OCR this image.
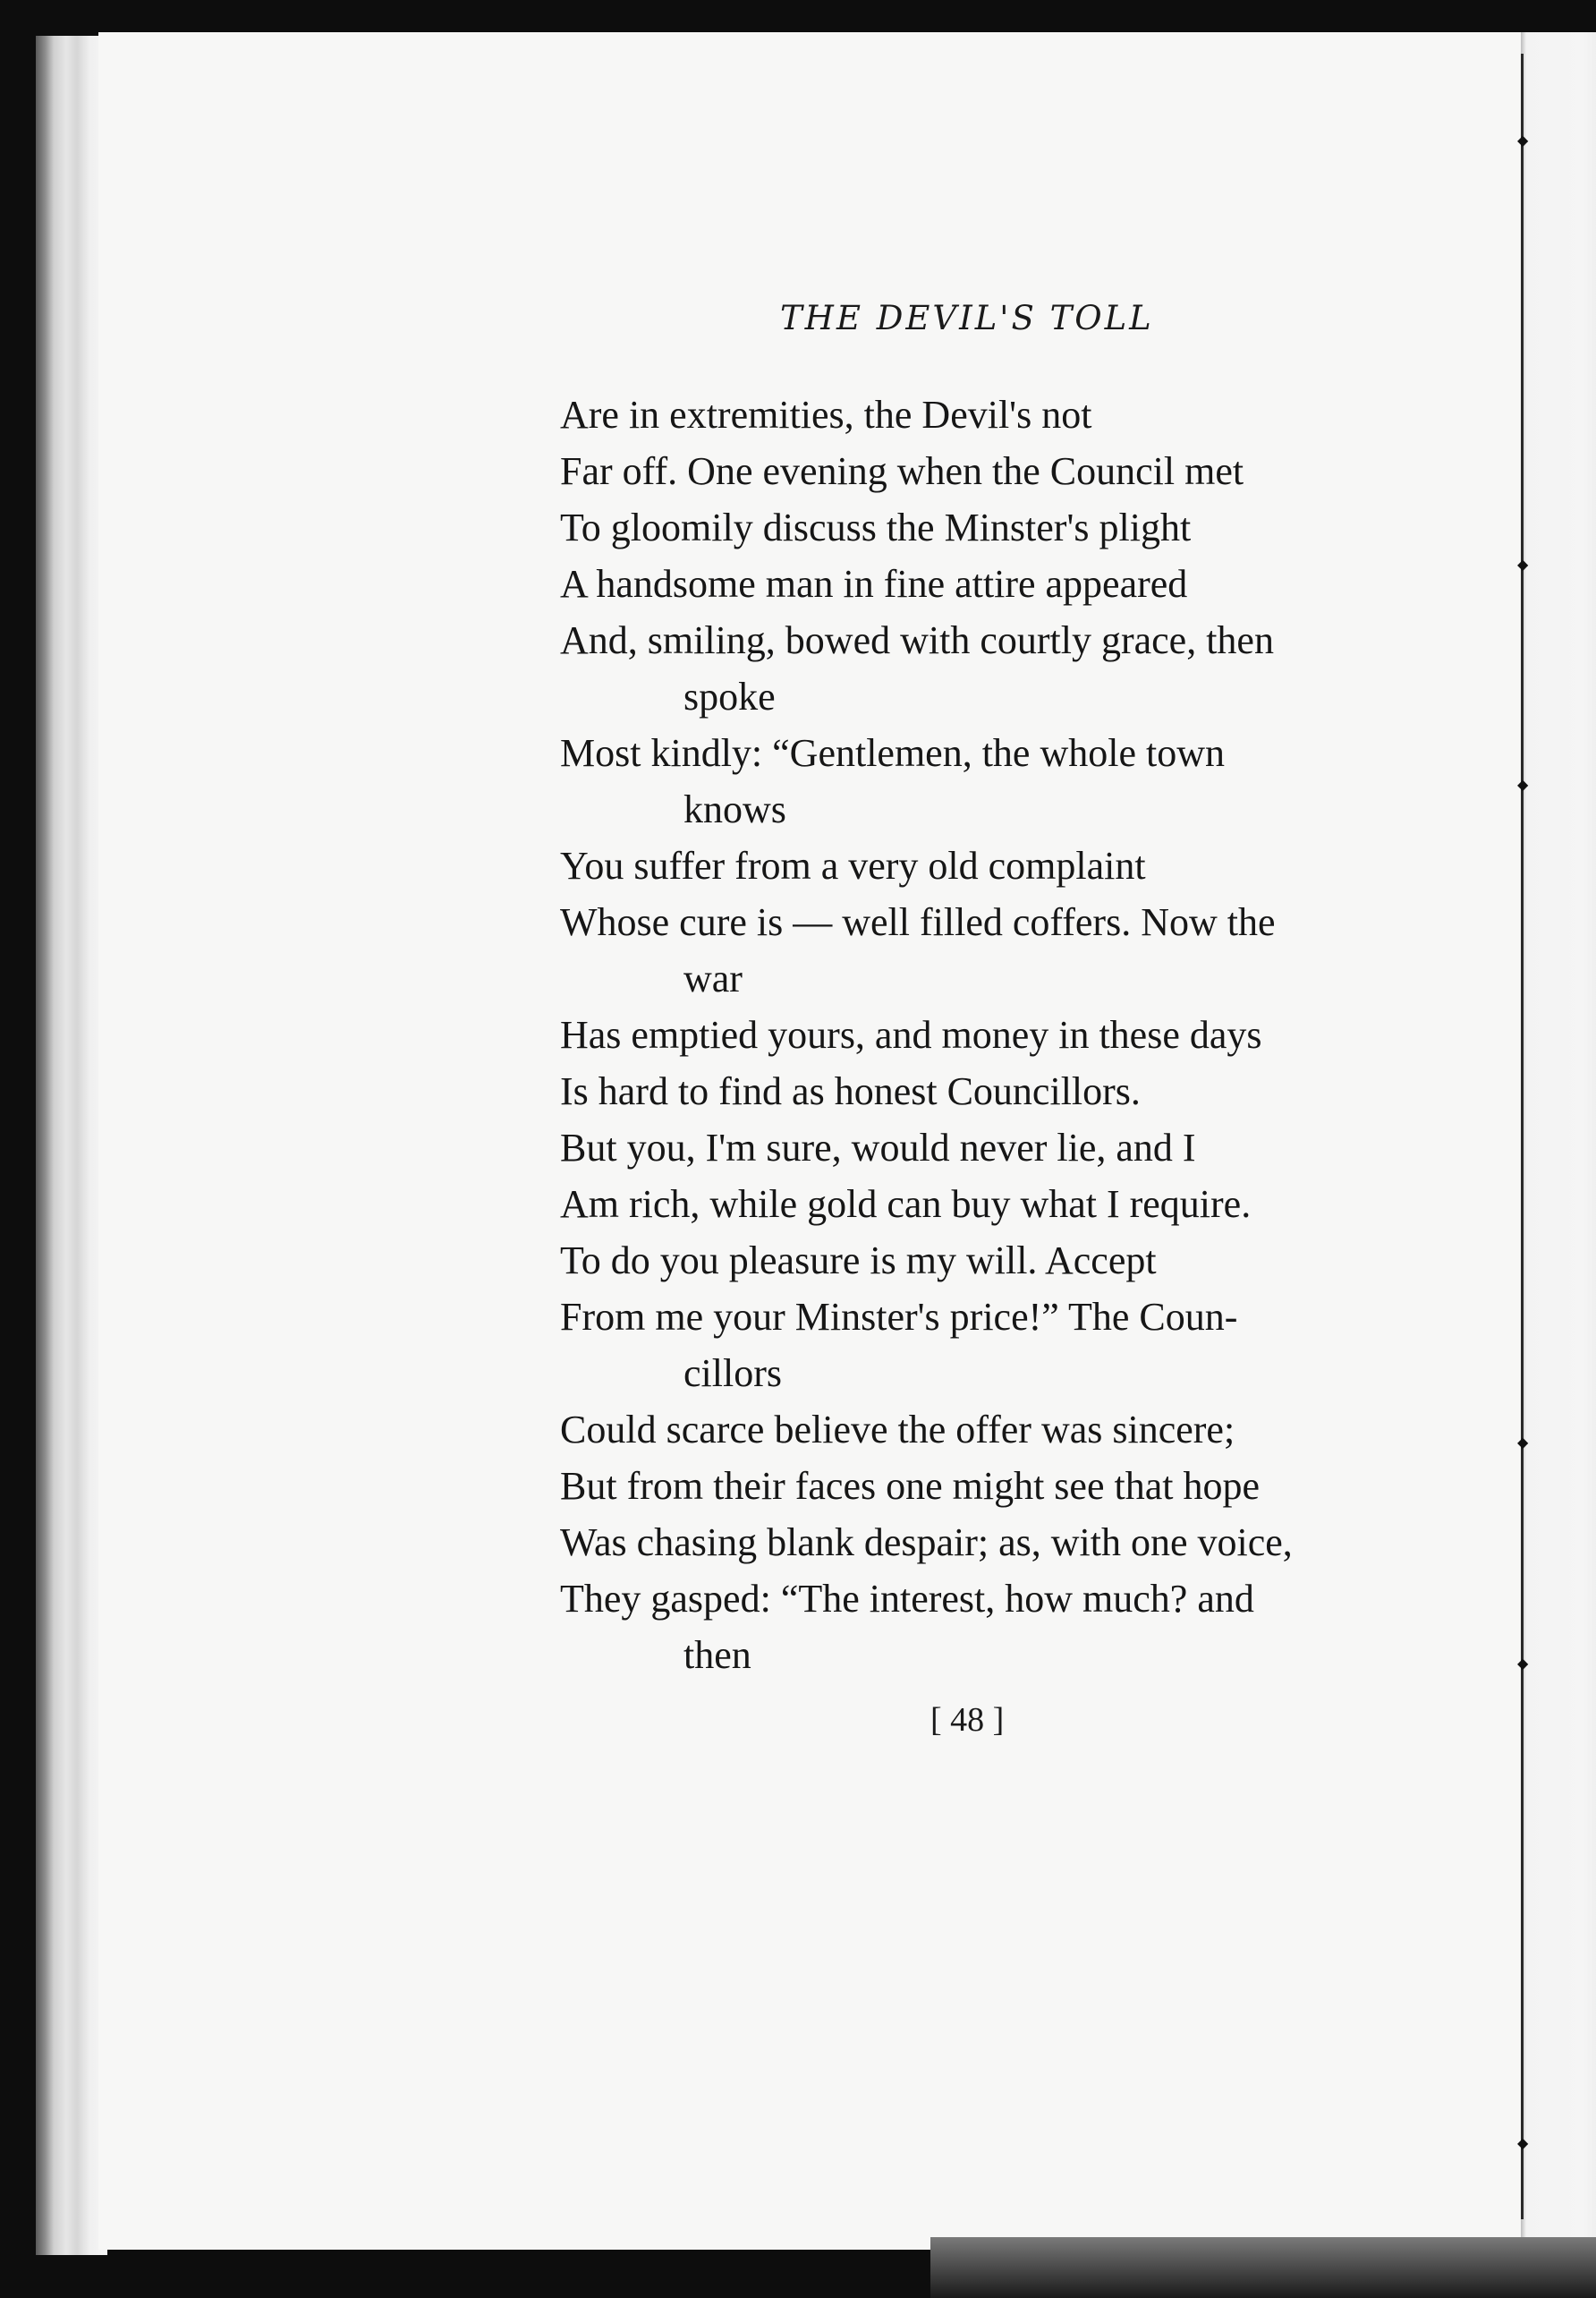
◆
◆
◆
◆
◆
◆
THE DEVIL'S TOLL
Are in extremities, the Devil's not
Far off. One evening when the Council met
To gloomily discuss the Minster's plight
A handsome man in fine attire appeared
And, smiling, bowed with courtly grace, then
spoke
Most kindly: “Gentlemen, the whole town
knows
You suffer from a very old complaint
Whose cure is — well filled coffers. Now the
war
Has emptied yours, and money in these days
Is hard to find as honest Councillors.
But you, I'm sure, would never lie, and I
Am rich, while gold can buy what I require.
To do you pleasure is my will. Accept
From me your Minster's price!” The Coun-
cillors
Could scarce believe the offer was sincere;
But from their faces one might see that hope
Was chasing blank despair; as, with one voice,
They gasped: “The interest, how much? and
then
[ 48 ]
